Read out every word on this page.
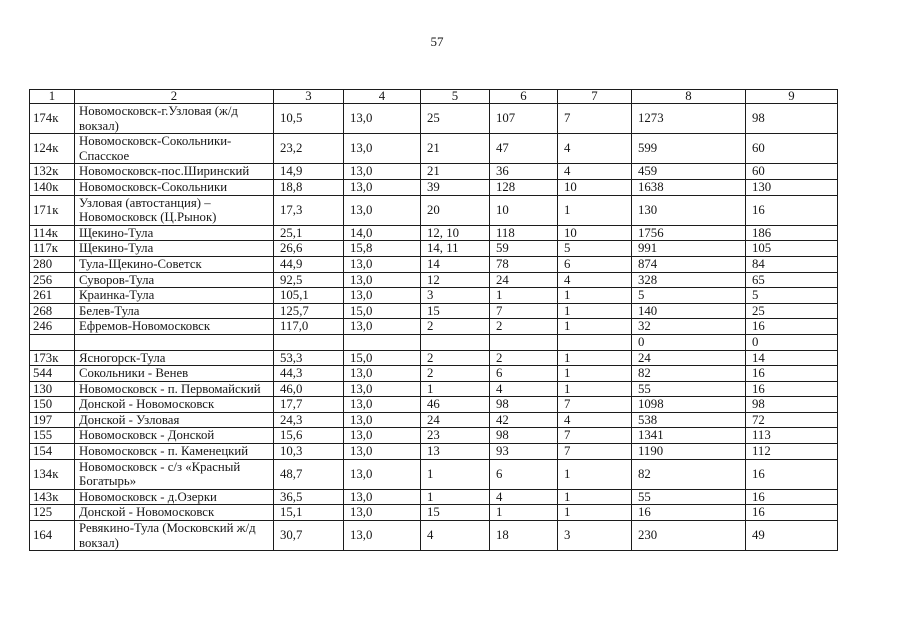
57
1	2	3	4	5	6	7	8	9
174к	Новомосковск-г.Узловая (ж/д вокзал)	10,5	13,0	25	107	7	1273	98
124к	Новомосковск-Сокольники-Спасское	23,2	13,0	21	47	4	599	60
132к	Новомосковск-пос.Ширинский	14,9	13,0	21	36	4	459	60
140к	Новомосковск-Сокольники	18,8	13,0	39	128	10	1638	130
171к	Узловая (автостанция) – Новомосковск (Ц.Рынок)	17,3	13,0	20	10	1	130	16
114к	Щекино-Тула	25,1	14,0	12, 10	118	10	1756	186
117к	Щекино-Тула	26,6	15,8	14, 11	59	5	991	105
280	Тула-Щекино-Советск	44,9	13,0	14	78	6	874	84
256	Суворов-Тула	92,5	13,0	12	24	4	328	65
261	Краинка-Тула	105,1	13,0	3	1	1	5	5
268	Белев-Тула	125,7	15,0	15	7	1	140	25
246	Ефремов-Новомосковск	117,0	13,0	2	2	1	32	16
							0	0
173к	Ясногорск-Тула	53,3	15,0	2	2	1	24	14
544	Сокольники - Венев	44,3	13,0	2	6	1	82	16
130	Новомосковск - п. Первомайский	46,0	13,0	1	4	1	55	16
150	Донской - Новомосковск	17,7	13,0	46	98	7	1098	98
197	Донской - Узловая	24,3	13,0	24	42	4	538	72
155	Новомосковск - Донской	15,6	13,0	23	98	7	1341	113
154	Новомосковск - п. Каменецкий	10,3	13,0	13	93	7	1190	112
134к	Новомосковск - с/з «Красный Богатырь»	48,7	13,0	1	6	1	82	16
143к	Новомосковск - д.Озерки	36,5	13,0	1	4	1	55	16
125	Донской - Новомосковск	15,1	13,0	15	1	1	16	16
164	Ревякино-Тула (Московский ж/д вокзал)	30,7	13,0	4	18	3	230	49
